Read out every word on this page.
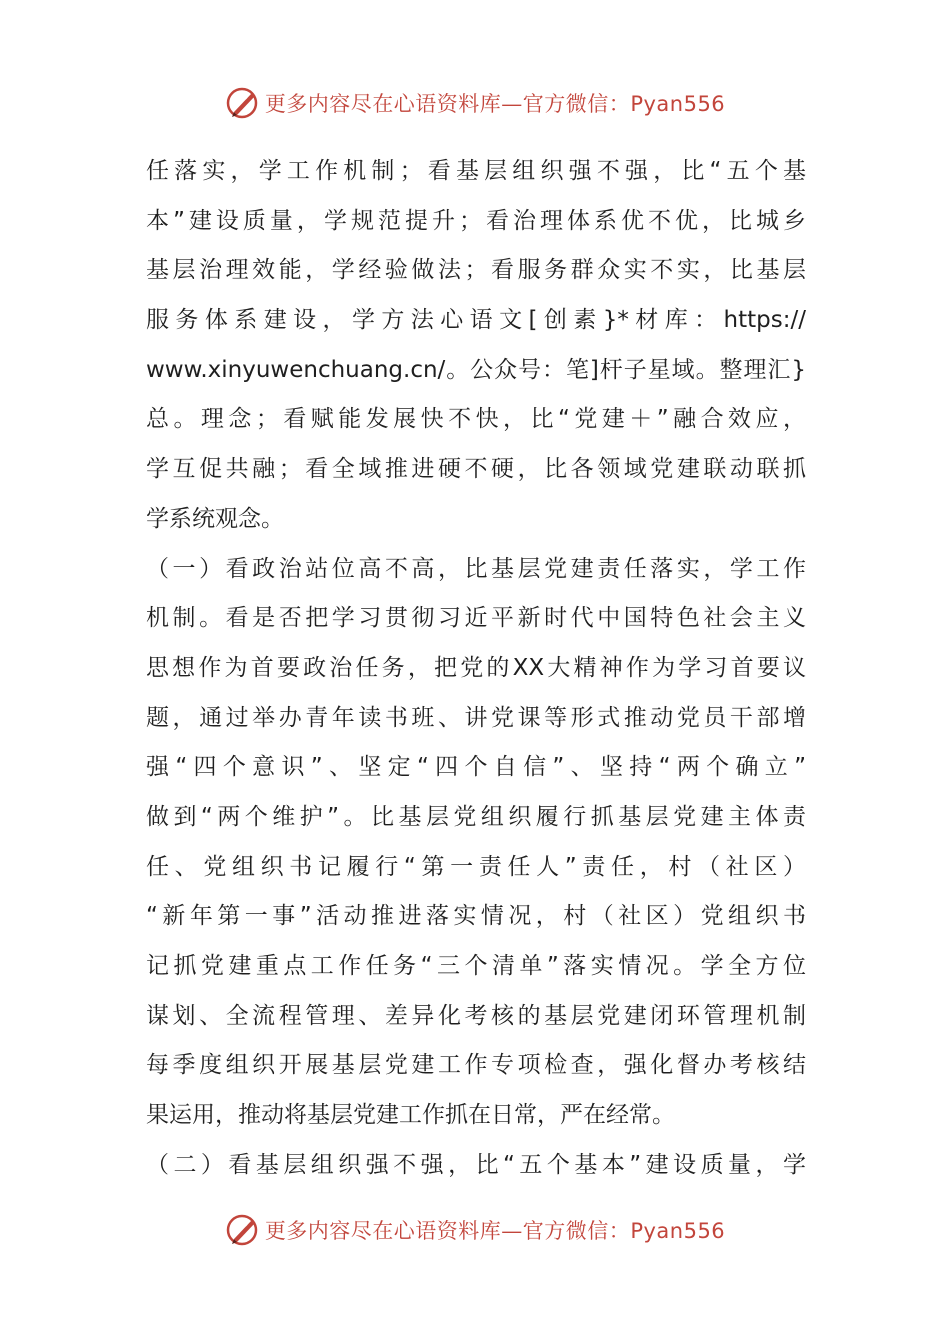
更多内容尽在心语资料库—官方微信：Pyan556
任落实，学工作机制；看基层组织强不强，比“五个基
本”建设质量，学规范提升；看治理体系优不优，比城乡
基层治理效能，学经验做法；看服务群众实不实，比基层
服务体系建设，学方法心语文[创素}*材库：https://
www.xinyuwenchuang.cn/。公众号：笔]杆子星域。整理汇}
总。理念；看赋能发展快不快，比“党建＋”融合效应，
学互促共融；看全域推进硬不硬，比各领域党建联动联抓
学系统观念。
（一）看政治站位高不高，比基层党建责任落实，学工作
机制。看是否把学习贯彻习近平新时代中国特色社会主义
思想作为首要政治任务，把党的XX大精神作为学习首要议
题，通过举办青年读书班、讲党课等形式推动党员干部增
强“四个意识”、坚定“四个自信”、坚持“两个确立”
做到“两个维护”。比基层党组织履行抓基层党建主体责
任、党组织书记履行“第一责任人”责任，村（社区）
“新年第一事”活动推进落实情况，村（社区）党组织书
记抓党建重点工作任务“三个清单”落实情况。学全方位
谋划、全流程管理、差异化考核的基层党建闭环管理机制
每季度组织开展基层党建工作专项检查，强化督办考核结
果运用，推动将基层党建工作抓在日常，严在经常。
（二）看基层组织强不强，比“五个基本”建设质量，学
更多内容尽在心语资料库—官方微信：Pyan556
